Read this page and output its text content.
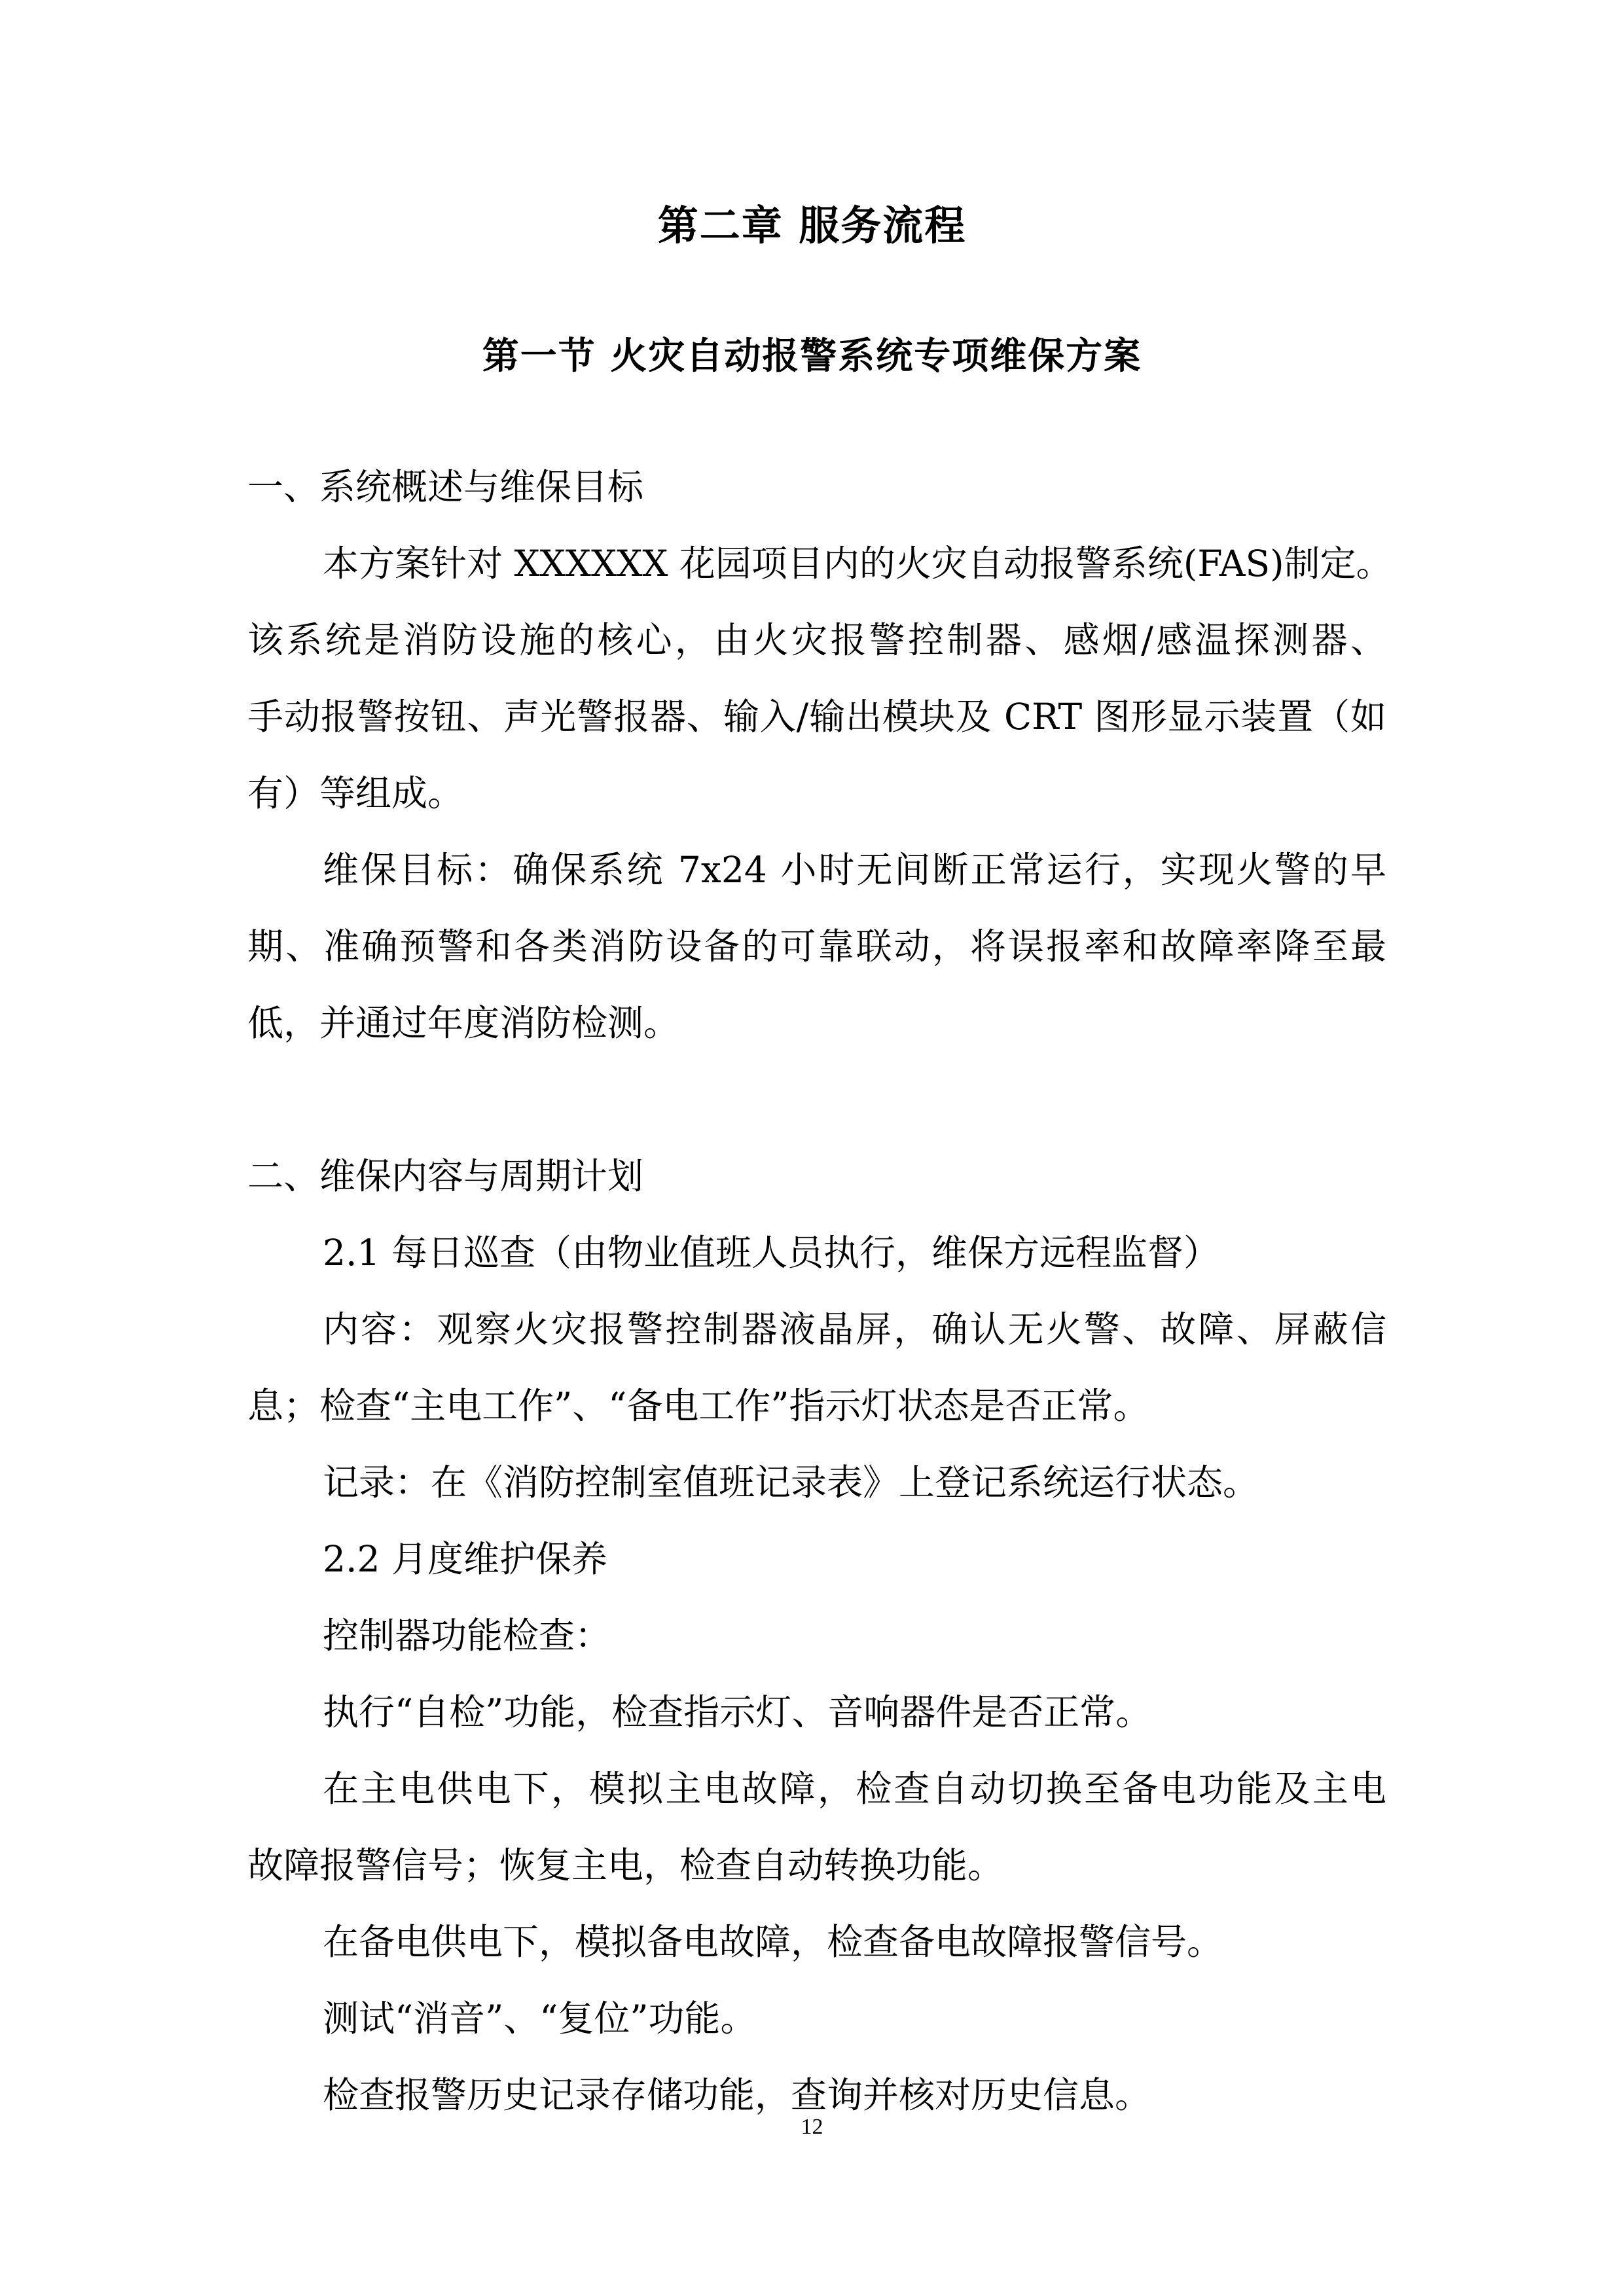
第二章 服务流程
第一节 火灾自动报警系统专项维保方案

一、系统概述与维保目标

本方案针对 XXXXXX 花园项目内的火灾自动报警系统(FAS)制定。

该系统是消防设施的核心，由火灾报警控制器、感烟/感温探测器、

手动报警按钮、声光警报器、输入/输出模块及 CRT 图形显示装置（如

有）等组成。

维保目标：确保系统 7x24 小时无间断正常运行，实现火警的早

期、准确预警和各类消防设备的可靠联动，将误报率和故障率降至最

低，并通过年度消防检测。

二、维保内容与周期计划

2.1 每日巡查（由物业值班人员执行，维保方远程监督）

内容：观察火灾报警控制器液晶屏，确认无火警、故障、屏蔽信

息；检查“主电工作”、“备电工作”指示灯状态是否正常。

记录：在《消防控制室值班记录表》上登记系统运行状态。

2.2 月度维护保养

控制器功能检查：

执行“自检”功能，检查指示灯、音响器件是否正常。

在主电供电下，模拟主电故障，检查自动切换至备电功能及主电

故障报警信号；恢复主电，检查自动转换功能。

在备电供电下，模拟备电故障，检查备电故障报警信号。

测试“消音”、“复位”功能。

检查报警历史记录存储功能，查询并核对历史信息。

12
